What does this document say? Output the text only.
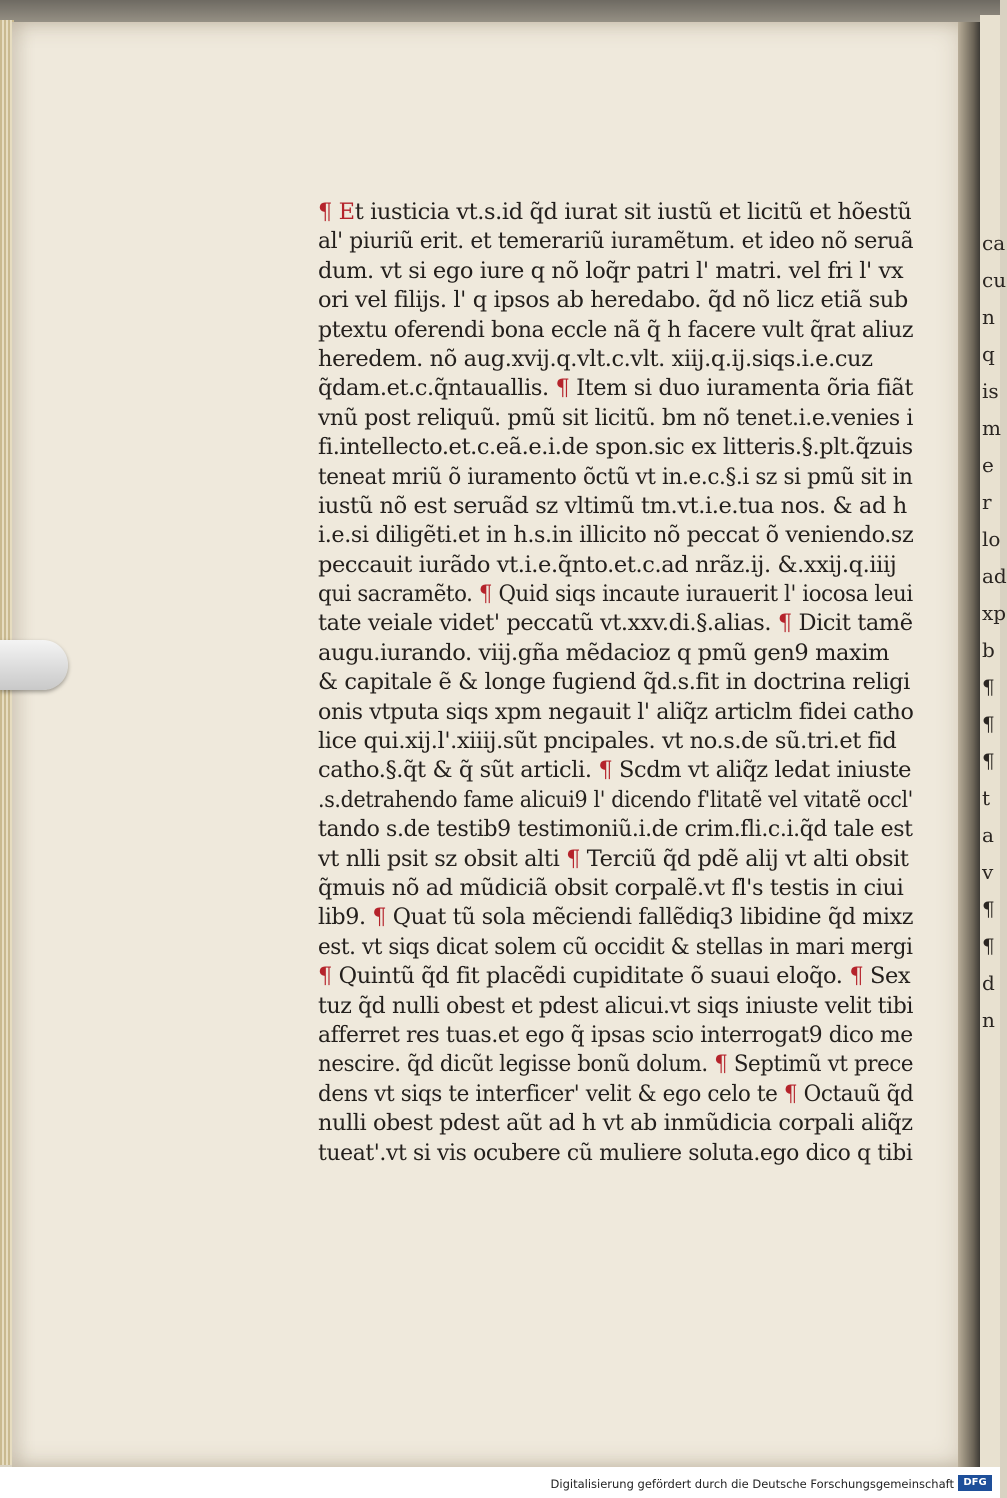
ca
cu
n
q
is
m
e
r
lo
ad
xp
b
¶
¶
¶
t
a
v
¶
¶
d
n
¶ Et iusticia vt.s.id q̃d iurat sit iustũ et licitũ et hõestũ
al' piuriũ erit. et temerariũ iuramẽtum. et ideo nõ seruã
dum. vt si ego iure q nõ loq̃r patri l' matri. vel fri l' vx
ori vel filijs. l' q ipsos ab heredabo. q̃d nõ licz etiã sub
ptextu oferendi bona eccle nã q̃ h facere vult q̃rat aliuz
heredem. nõ aug.xvij.q.vlt.c.vlt. xiij.q.ij.siqs.i.e.cuz
q̃dam.et.c.q̃ntauallis. ¶ Item si duo iuramenta õria fiãt
vnũ post reliquũ. pmũ sit licitũ. bm nõ tenet.i.e.venies i
fi.intellecto.et.c.eã.e.i.de spon.sic ex litteris.§.plt.q̃zuis
teneat mriũ õ iuramento õctũ vt in.e.c.§.i sz si pmũ sit in
iustũ nõ est seruãd sz vltimũ tm.vt.i.e.tua nos. & ad h
i.e.si diligẽti.et in h.s.in illicito nõ peccat õ veniendo.sz
peccauit iurãdo vt.i.e.q̃nto.et.c.ad nrãz.ij. &.xxij.q.iiij
qui sacramẽto. ¶ Quid siqs incaute iurauerit l' iocosa leui
tate veiale videt' peccatũ vt.xxv.di.§.alias. ¶ Dicit tamẽ
augu.iurando. viij.gña mẽdacioz q pmũ gen9 maxim
& capitale ẽ & longe fugiend q̃d.s.fit in doctrina religi
onis vtputa siqs xpm negauit l' aliq̃z articlm fidei catho
lice qui.xij.l'.xiiij.sũt pncipales. vt no.s.de sũ.tri.et fid
catho.§.q̃t & q̃ sũt articli. ¶ Scdm vt aliq̃z ledat iniuste
.s.detrahendo fame alicui9 l' dicendo f'litatẽ vel vitatẽ occl'
tando s.de testib9 testimoniũ.i.de crim.fli.c.i.q̃d tale est
vt nlli psit sz obsit alti ¶ Terciũ q̃d pdẽ alij vt alti obsit
q̃muis nõ ad mũdiciã obsit corpalẽ.vt fl's testis in ciui
lib9. ¶ Quat tũ sola mẽciendi fallẽdiq3 libidine q̃d mixz
est. vt siqs dicat solem cũ occidit & stellas in mari mergi
¶ Quintũ q̃d fit placẽdi cupiditate õ suaui eloq̃o. ¶ Sex
tuz q̃d nulli obest et pdest alicui.vt siqs iniuste velit tibi
afferret res tuas.et ego q̃ ipsas scio interrogat9 dico me
nescire. q̃d dicũt legisse bonũ dolum. ¶ Septimũ vt prece
dens vt siqs te interficer' velit & ego celo te ¶ Octauũ q̃d
nulli obest pdest aũt ad h vt ab inmũdicia corpali aliq̃z
tueat'.vt si vis ocubere cũ muliere soluta.ego dico q tibi
Digitalisierung gefördert durch die Deutsche Forschungsgemeinschaft DFG
